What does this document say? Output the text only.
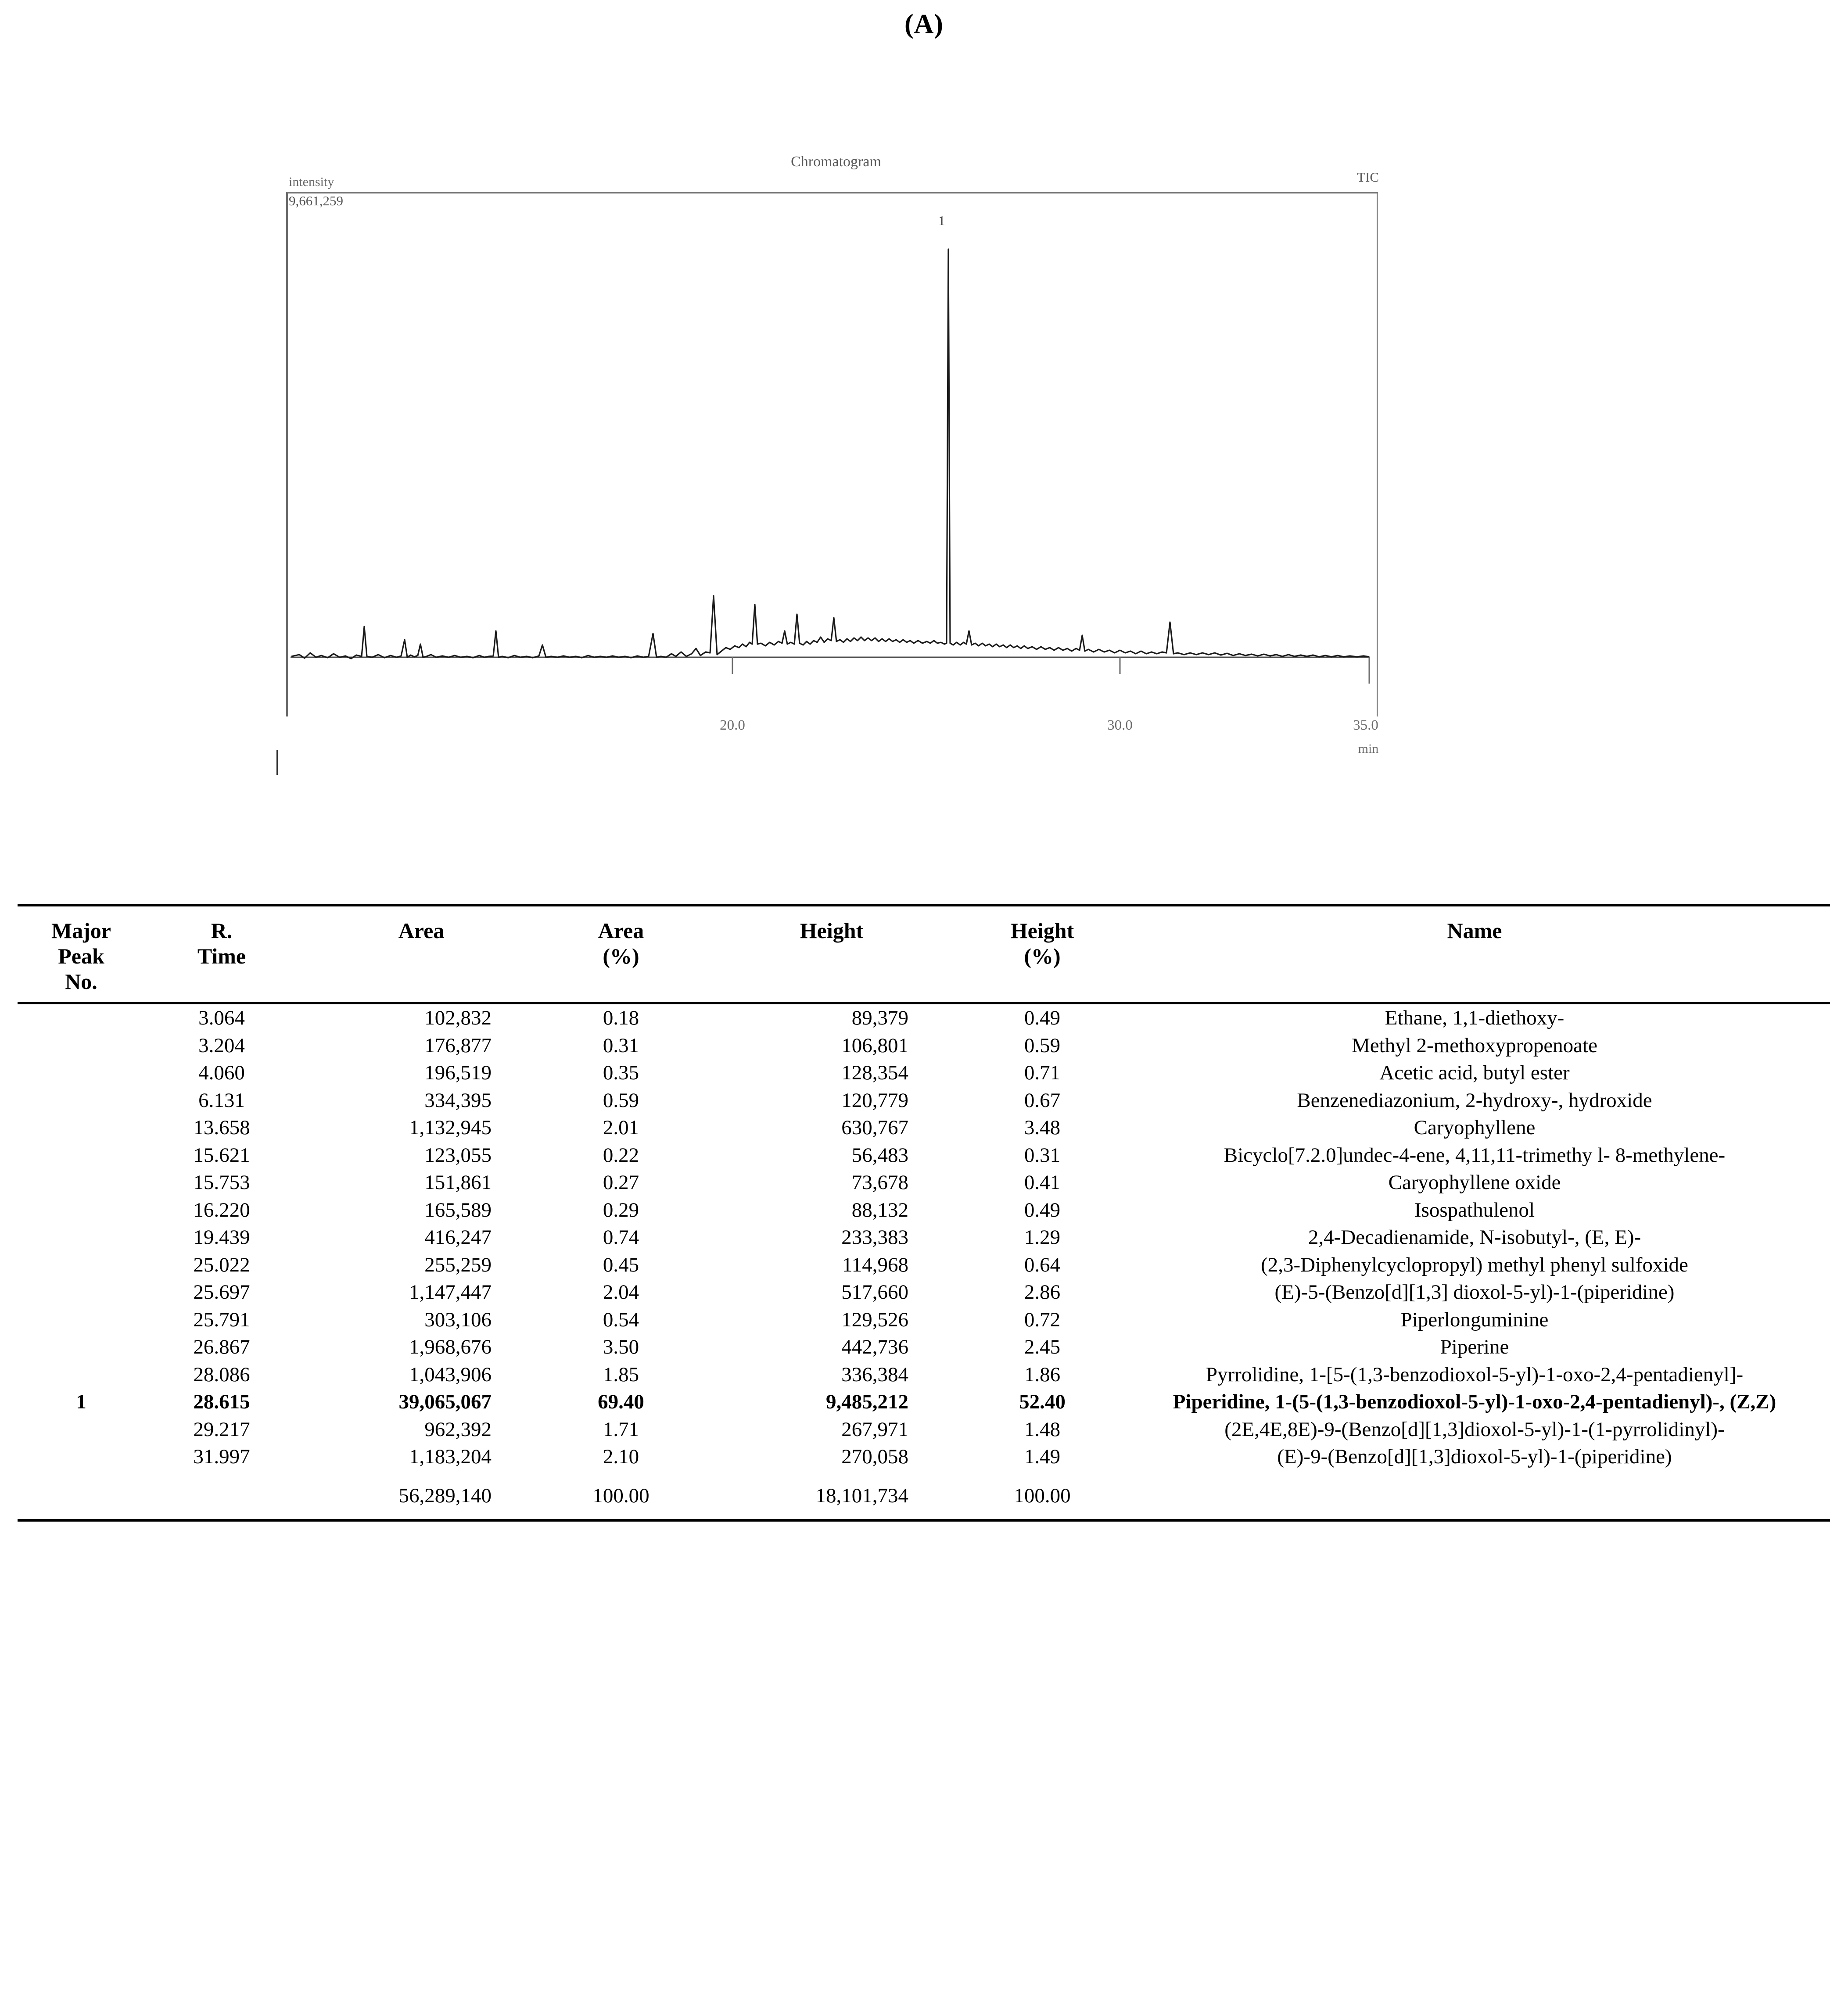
(A)
Chromatogram
intensity
9,661,259
TIC
1
20.0	30.0	35.0
min
Major
Peak
No.

R.
Time
	Area	Area
(%)
	Height	Height
(%)
	Name
	3.064	102,832	0.18	89,379	0.49	Ethane, 1,1-diethoxy-
	3.204	176,877	0.31	106,801	0.59	Methyl 2-methoxypropenoate
	4.060	196,519	0.35	128,354	0.71	Acetic acid, butyl ester
	6.131	334,395	0.59	120,779	0.67	Benzenediazonium, 2-hydroxy-, hydroxide
	13.658	1,132,945	2.01	630,767	3.48	Caryophyllene
	15.621	123,055	0.22	56,483	0.31	Bicyclo[7.2.0]undec-4-ene, 4,11,11-trimethy l- 8-methylene-
	15.753	151,861	0.27	73,678	0.41	Caryophyllene oxide
	16.220	165,589	0.29	88,132	0.49	Isospathulenol
	19.439	416,247	0.74	233,383	1.29	2,4-Decadienamide, N-isobutyl-, (E, E)-
	25.022	255,259	0.45	114,968	0.64	(2,3-Diphenylcyclopropyl) methyl phenyl sulfoxide
	25.697	1,147,447	2.04	517,660	2.86	(E)-5-(Benzo[d][1,3] dioxol-5-yl)-1-(piperidine)
	25.791	303,106	0.54	129,526	0.72	Piperlonguminine
	26.867	1,968,676	3.50	442,736	2.45	Piperine
	28.086	1,043,906	1.85	336,384	1.86	Pyrrolidine, 1-[5-(1,3-benzodioxol-5-yl)-1-oxo-2,4-pentadienyl]-
1	28.615	39,065,067	69.40	9,485,212	52.40	Piperidine, 1-(5-(1,3-benzodioxol-5-yl)-1-oxo-2,4-pentadienyl)-, (Z,Z)
	29.217	962,392	1.71	267,971	1.48	(2E,4E,8E)-9-(Benzo[d][1,3]dioxol-5-yl)-1-(1-pyrrolidinyl)-
	31.997	1,183,204	2.10	270,058	1.49	(E)-9-(Benzo[d][1,3]dioxol-5-yl)-1-(piperidine)
		56,289,140	100.00	18,101,734	100.00	
